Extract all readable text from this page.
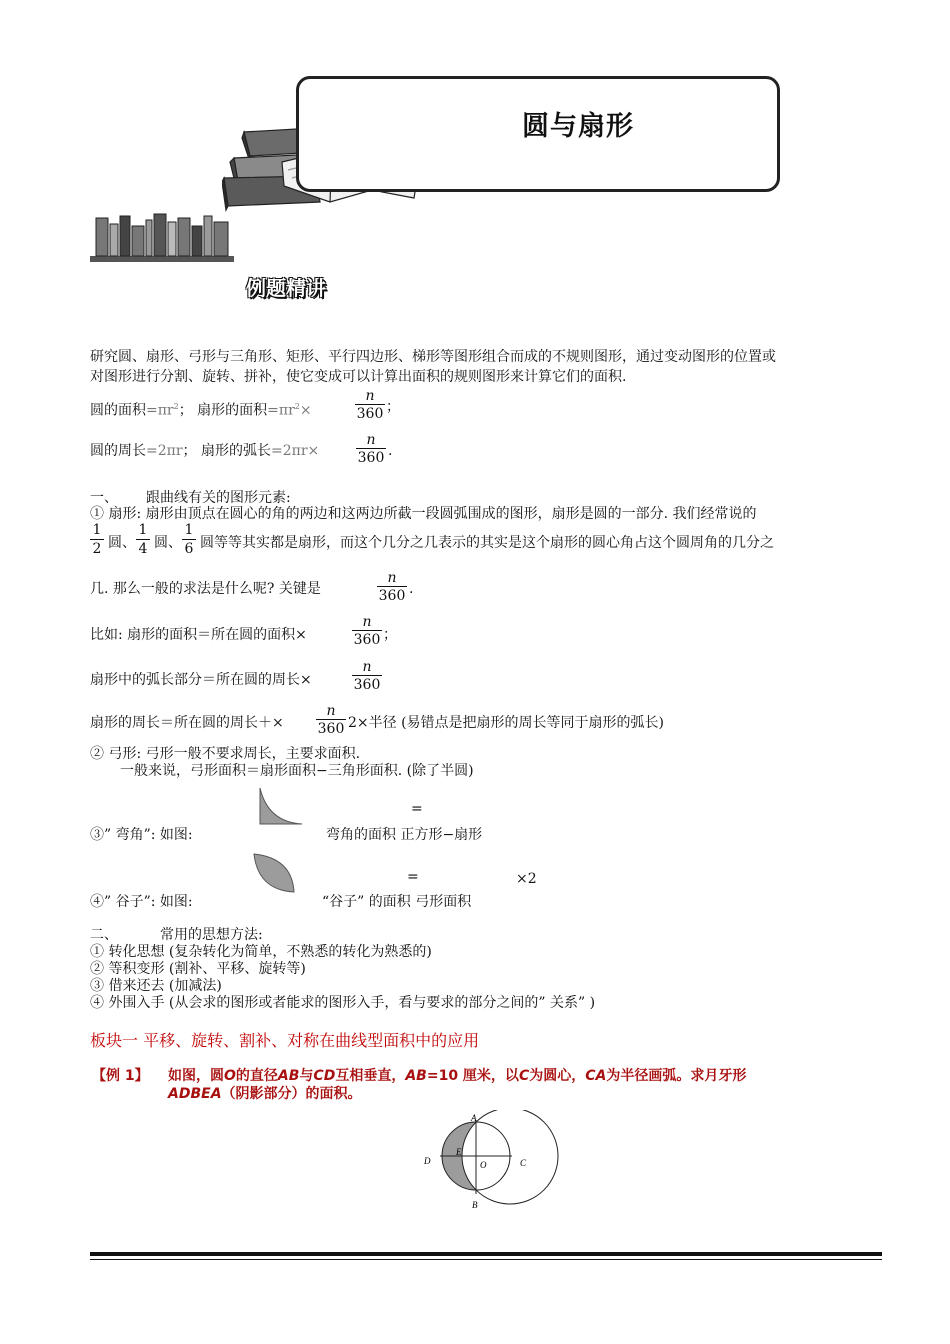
圆与扇形
例题精讲
研究圆、扇形、弓形与三角形、矩形、平行四边形、梯形等图形组合而成的不规则图形，通过变动图形的位置或
对图形进行分割、旋转、拼补，使它变成可以计算出面积的规则图形来计算它们的面积.
圆的面积$=\pi r^2$； 扇形的面积$=\pi r^2\times$
n
360 ；
圆的周长=2πr； 扇形的弧长=2πr×
n
360 .
一、 跟曲线有关的图形元素:
① 扇形: 扇形由顶点在圆心的角的两边和这两边所截一段圆弧围成的图形，扇形是圆的一部分. 我们经常说的
1
2 圆、
1
4 圆、
1
6 圆等等其实都是扇形，而这个几分之几表示的其实是这个扇形的圆心角占这个圆周角的几分之
几. 那么一般的求法是什么呢? 关键是
n
360 .
比如: 扇形的面积＝所在圆的面积×
n
360 ；
扇形中的弧长部分＝所在圆的周长×
n
360
扇形的周长＝所在圆的周长＋×
n
360 2×半径 (易错点是把扇形的周长等同于扇形的弧长)
② 弓形: 弓形一般不要求周长，主要求面积.
一般来说，弓形面积＝扇形面积−三角形面积. (除了半圆)
=
③” 弯角”: 如图:	弯角的面积 正方形−扇形
=	×2
④” 谷子”: 如图:	“谷子” 的面积 弓形面积
二、	常用的思想方法:
① 转化思想 (复杂转化为简单，不熟悉的转化为熟悉的)
② 等积变形 (割补、平移、旋转等)
③ 借来还去 (加减法)
④ 外围入手 (从会求的图形或者能求的图形入手，看与要求的部分之间的” 关系” )
板块一 平移、旋转、割补、对称在曲线型面积中的应用
【例 1】 如图，圆O的直径AB与CD互相垂直，AB=10 厘米，以C为圆心，CA为半径画弧。求月牙形
ADBEA（阴影部分）的面积。
A
B
C
D
E
O
